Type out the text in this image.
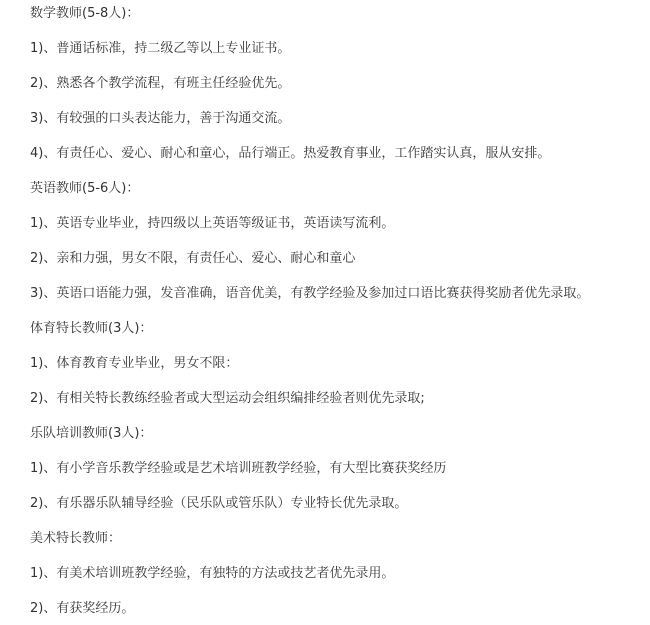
数学教师(5-8人)：
1)、普通话标准，持二级乙等以上专业证书。
2)、熟悉各个教学流程，有班主任经验优先。
3)、有较强的口头表达能力，善于沟通交流。
4)、有责任心、爱心、耐心和童心，品行端正。热爱教育事业，工作踏实认真，服从安排。
英语教师(5-6人)：
1)、英语专业毕业，持四级以上英语等级证书，英语读写流利。
2)、亲和力强，男女不限，有责任心、爱心、耐心和童心
3)、英语口语能力强，发音准确，语音优美，有教学经验及参加过口语比赛获得奖励者优先录取。
体育特长教师(3人)：
1)、体育教育专业毕业，男女不限：
2)、有相关特长教练经验者或大型运动会组织编排经验者则优先录取;
乐队培训教师(3人)：
1)、有小学音乐教学经验或是艺术培训班教学经验，有大型比赛获奖经历
2)、有乐器乐队辅导经验（民乐队或管乐队）专业特长优先录取。
美术特长教师：
1)、有美术培训班教学经验，有独特的方法或技艺者优先录用。
2)、有获奖经历。
